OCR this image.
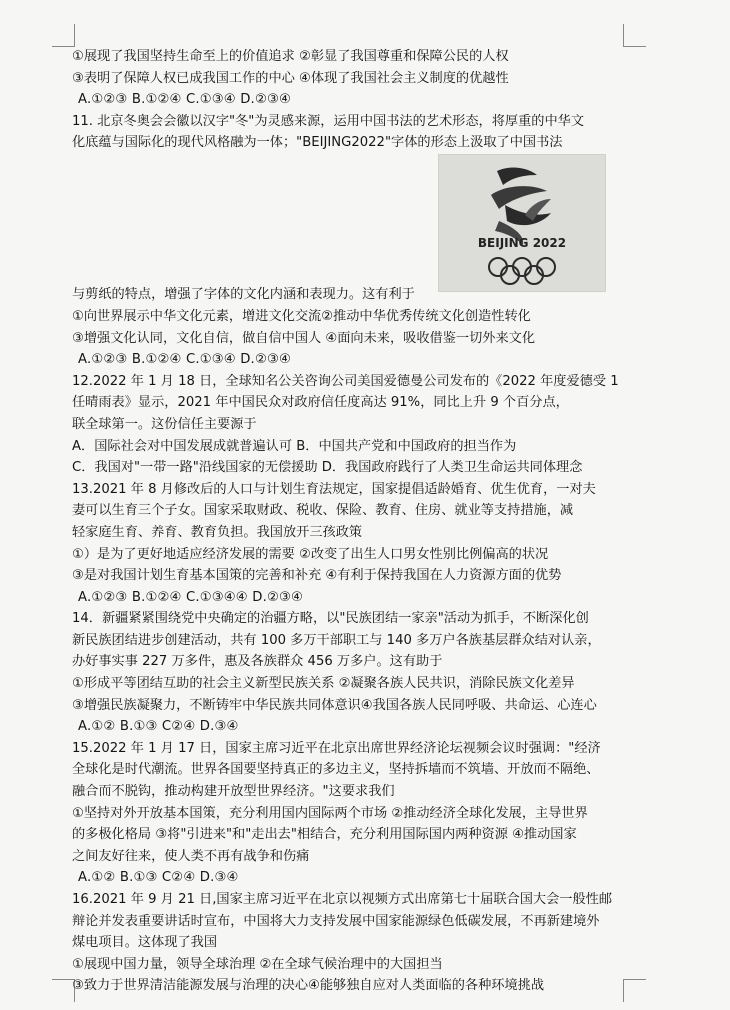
①展现了我国坚持生命至上的价值追求 ②彰显了我国尊重和保障公民的人权
③表明了保障人权已成我国工作的中心 ④体现了我国社会主义制度的优越性
A.①②③ B.①②④ C.①③④ D.②③④
11. 北京冬奥会会徽以汉字"冬"为灵感来源，运用中国书法的艺术形态，将厚重的中华文
化底蕴与国际化的现代风格融为一体；"BEIJING2022"字体的形态上汲取了中国书法
BEIJING 2022
与剪纸的特点，增强了字体的文化内涵和表现力。这有利于
①向世界展示中华文化元素，增进文化交流②推动中华优秀传统文化创造性转化
③增强文化认同，文化自信，做自信中国人 ④面向未来，吸收借鉴一切外来文化
A.①②③ B.①②④ C.①③④ D.②③④
12.2022 年 1 月 18 日，全球知名公关咨询公司美国爱德曼公司发布的《2022 年度爱德受 1
任晴雨表》显示，2021 年中国民众对政府信任度高达 91%，同比上升 9 个百分点，
联全球第一。这份信任主要源于
A．国际社会对中国发展成就普遍认可 B．中国共产党和中国政府的担当作为
C．我国对"一带一路"沿线国家的无偿援助 D．我国政府践行了人类卫生命运共同体理念
13.2021 年 8 月修改后的人口与计划生育法规定，国家提倡适龄婚育、优生优育，一对夫
妻可以生育三个子女。国家采取财政、税收、保险、教育、住房、就业等支持措施，减
轻家庭生育、养育、教育负担。我国放开三孩政策
①）是为了更好地适应经济发展的需要 ②改变了出生人口男女性别比例偏高的状况
③是对我国计划生育基本国策的完善和补充 ④有利于保持我国在人力资源方面的优势
A.①②③ B.①②④ C.①③④④ D.②③④
14．新疆紧紧围绕党中央确定的治疆方略，以"民族团结一家亲"活动为抓手，不断深化创
新民族团结进步创建活动，共有 100 多万干部职工与 140 多万户各族基层群众结对认亲，
办好事实事 227 万多件，惠及各族群众 456 万多户。这有助于
①形成平等团结互助的社会主义新型民族关系 ②凝聚各族人民共识，消除民族文化差异
③增强民族凝聚力，不断铸牢中华民族共同体意识④我国各族人民同呼吸、共命运、心连心
A.①② B.①③ C②④ D.③④
15.2022 年 1 月 17 日，国家主席习近平在北京出席世界经济论坛视频会议时强调："经济
全球化是时代潮流。世界各国要坚持真正的多边主义，坚持拆墙而不筑墙、开放而不隔绝、
融合而不脱钩，推动构建开放型世界经济。"这要求我们
①坚持对外开放基本国策，充分利用国内国际两个市场 ②推动经济全球化发展，主导世界
的多极化格局 ③将"引进来"和"走出去"相结合，充分利用国际国内两种资源 ④推动国家
之间友好往来，使人类不再有战争和伤痛
A.①② B.①③ C②④ D.③④
16.2021 年 9 月 21 日,国家主席习近平在北京以视频方式出席第七十届联合国大会一般性邮
辩论并发表重要讲话时宣布，中国将大力支持发展中国家能源绿色低碳发展，不再新建境外
煤电项目。这体现了我国
①展现中国力量，领导全球治理 ②在全球气候治理中的大国担当
③致力于世界清洁能源发展与治理的决心④能够独自应对人类面临的各种环境挑战
